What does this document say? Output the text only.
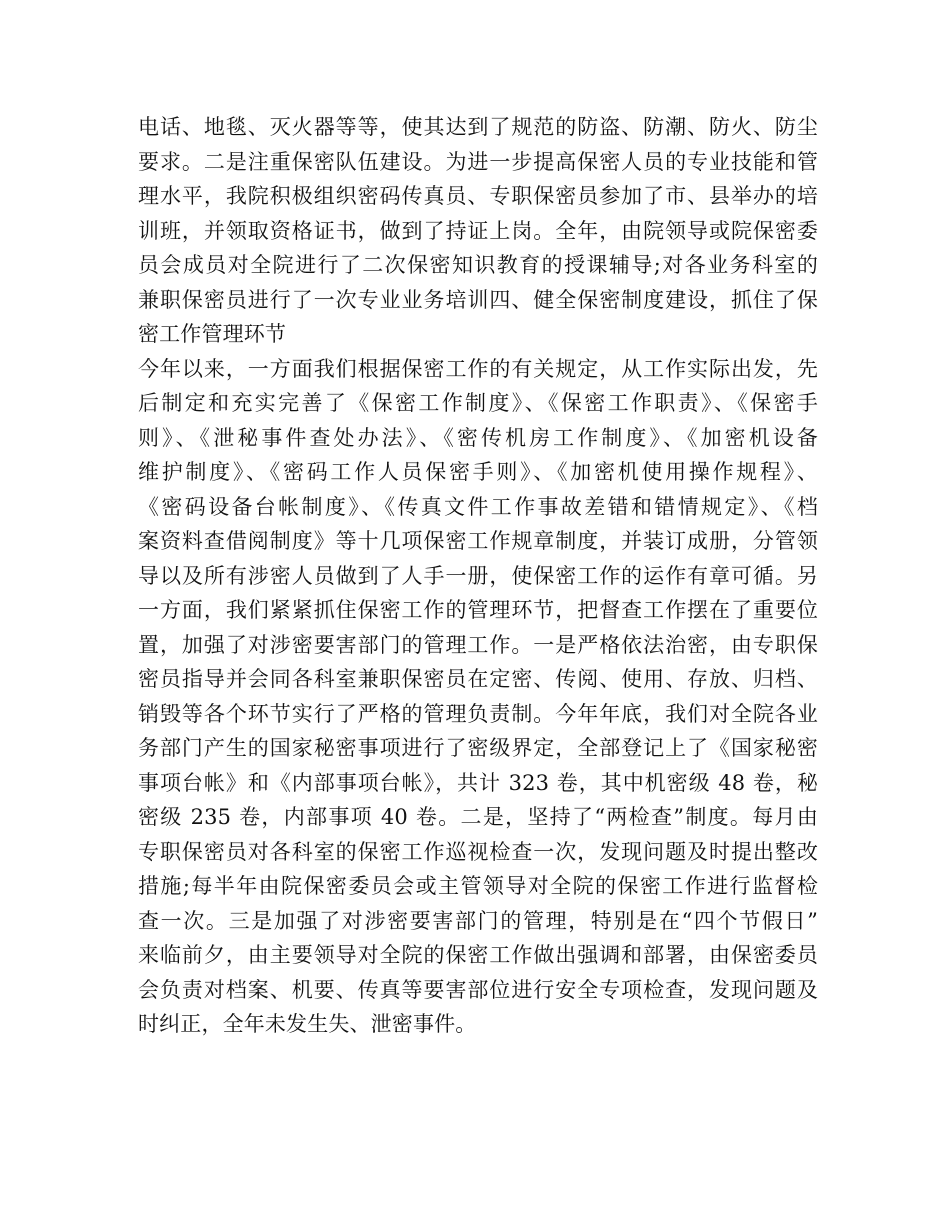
电话、地毯、灭火器等等，使其达到了规范的防盗、防潮、防火、防尘
要求。二是注重保密队伍建设。为进一步提高保密人员的专业技能和管
理水平，我院积极组织密码传真员、专职保密员参加了市、县举办的培
训班，并领取资格证书，做到了持证上岗。全年，由院领导或院保密委
员会成员对全院进行了二次保密知识教育的授课辅导;对各业务科室的
兼职保密员进行了一次专业业务培训四、健全保密制度建设，抓住了保
密工作管理环节
今年以来，一方面我们根据保密工作的有关规定，从工作实际出发，先
后制定和充实完善了《保密工作制度》、《保密工作职责》、《保密手
则》、《泄秘事件查处办法》、《密传机房工作制度》、《加密机设备
维护制度》、《密码工作人员保密手则》、《加密机使用操作规程》、
《密码设备台帐制度》、《传真文件工作事故差错和错情规定》、《档
案资料查借阅制度》等十几项保密工作规章制度，并装订成册，分管领
导以及所有涉密人员做到了人手一册，使保密工作的运作有章可循。另
一方面，我们紧紧抓住保密工作的管理环节，把督查工作摆在了重要位
置，加强了对涉密要害部门的管理工作。一是严格依法治密，由专职保
密员指导并会同各科室兼职保密员在定密、传阅、使用、存放、归档、
销毁等各个环节实行了严格的管理负责制。今年年底，我们对全院各业
务部门产生的国家秘密事项进行了密级界定，全部登记上了《国家秘密
事项台帐》和《内部事项台帐》，共计 323 卷，其中机密级 48 卷，秘
密级 235 卷，内部事项 40 卷。二是，坚持了“两检查”制度。每月由
专职保密员对各科室的保密工作巡视检查一次，发现问题及时提出整改
措施;每半年由院保密委员会或主管领导对全院的保密工作进行监督检
查一次。三是加强了对涉密要害部门的管理，特别是在“四个节假日”
来临前夕，由主要领导对全院的保密工作做出强调和部署，由保密委员
会负责对档案、机要、传真等要害部位进行安全专项检查，发现问题及
时纠正，全年未发生失、泄密事件。
